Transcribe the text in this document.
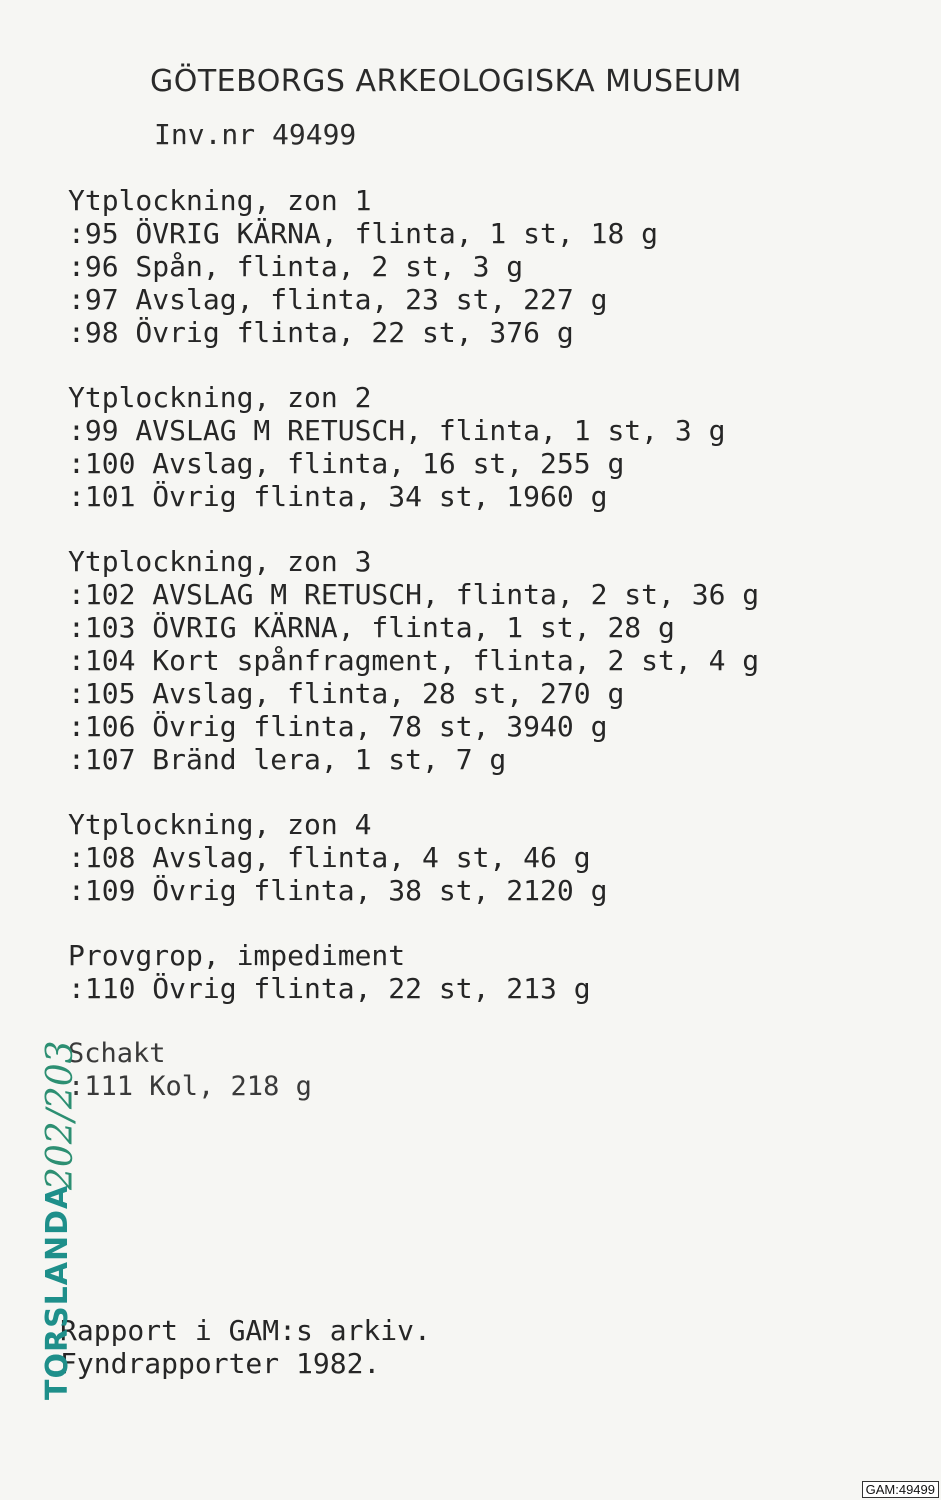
GÖTEBORGS ARKEOLOGISKA MUSEUM
Inv.nr 49499
Ytplockning, zon 1
:95 ÖVRIG KÄRNA, flinta, 1 st, 18 g
:96 Spån, flinta, 2 st, 3 g
:97 Avslag, flinta, 23 st, 227 g
:98 Övrig flinta, 22 st, 376 g
Ytplockning, zon 2
:99 AVSLAG M RETUSCH, flinta, 1 st, 3 g
:100 Avslag, flinta, 16 st, 255 g
:101 Övrig flinta, 34 st, 1960 g
Ytplockning, zon 3
:102 AVSLAG M RETUSCH, flinta, 2 st, 36 g
:103 ÖVRIG KÄRNA, flinta, 1 st, 28 g
:104 Kort spånfragment, flinta, 2 st, 4 g
:105 Avslag, flinta, 28 st, 270 g
:106 Övrig flinta, 78 st, 3940 g
:107 Bränd lera, 1 st, 7 g
Ytplockning, zon 4
:108 Avslag, flinta, 4 st, 46 g
:109 Övrig flinta, 38 st, 2120 g
Provgrop, impediment
:110 Övrig flinta, 22 st, 213 g
Schakt
:111 Kol, 218 g
Rapport i GAM:s arkiv.
Fyndrapporter 1982.
TORSLANDA
202/203
GAM:49499
